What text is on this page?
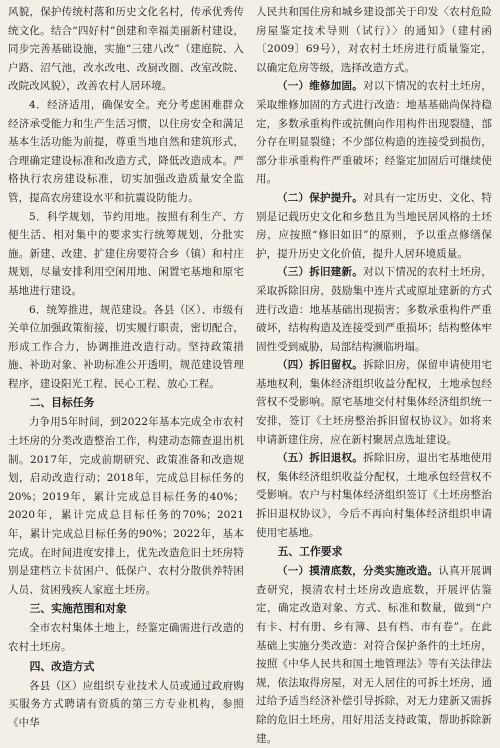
风貌，保护传统村落和历史文化名村，传承优秀传统文化。结合“四好村”创建和幸福美丽新村建设，同步完善基础设施，实施“三建八改”（建庭院、入户路、沼气池，改水改电、改厨改圈、改室改院、改院改风貌），改善农村人居环境。

4．经济适用，确保安全。充分考虑困难群众经济承受能力和生产生活习惯，以住房安全和满足基本生活功能为前提，尊重当地自然和建筑形式，合理确定建设标准和改造方式，降低改造成本。严格执行农房建设标准，切实加强改造质量安全监管，提高农房建设水平和抗震设防能力。

5．科学规划，节约用地。按照有利生产、方便生活、相对集中的要求实行统筹规划，分批实施。新建、改建、扩建住房要符合乡（镇）和村庄规划，尽量安排利用空闲用地、闲置宅基地和原宅基地进行建设。

6．统筹推进，规范建设。各县（区）、市级有关单位加强政策衔接，切实履行职责，密切配合，形成工作合力，协调推进改造行动。坚持政策措施、补助对象、补助标准公开透明，规范建设管理程序，建设阳光工程、民心工程、放心工程。

二、目标任务

力争用5年时间，到2022年基本完成全市农村土坯房的分类改造整治工作，构建动态筛查退出机制。2017年，完成前期研究、政策准备和改造规划，启动改造行动；2018年，完成总目标任务的20%；2019年，累计完成总目标任务的40%；2020年，累计完成总目标任务的70%；2021年，累计完成总目标任务的90%；2022年，基本完成。在时间进度安排上，优先改造危旧土坯房特别是建档立卡贫困户、低保户、农村分散供养特困人员、贫困残疾人家庭土坯房。

三、实施范围和对象

全市农村集体土地上，经鉴定确需进行改造的农村土坯房。

四、改造方式

各县（区）应组织专业技术人员或通过政府购买服务方式聘请有资质的第三方专业机构，参照《中华

人民共和国住房和城乡建设部关于印发〈农村危险房屋鉴定技术导则（试行）〉的通知》（建村函〔2009〕69号），对农村土坯房进行质量鉴定，以确定危房等级，选择改造方式。

（一）维修加固。对以下情况的农村土坯房，采取维修加固的方式进行改造：地基基础尚保持稳定，多数承重构件或抗侧向作用构件出现裂缝，部分存在明显裂缝；不少部位构造的连接受到损伤，部分非承重构件严重破坏；经鉴定加固后可继续使用。

（二）保护提升。对具有一定历史、文化、特别是记载历史文化和乡愁且为当地民居风格的土坯房，应按照“修旧如旧”的原则，予以重点修缮保护，提升历史文化价值，提升人居环境质量。

（三）拆旧建新。对以下情况的农村土坯房，采取拆除旧房，鼓励集中连片式或原址建新的方式进行改造：地基基础出现损害；多数承重构件严重破坏，结构构造及连接受到严重损坏；结构整体牢固性受到威胁，局部结构濒临坍塌。

（四）拆旧留权。拆除旧房，保留申请使用宅基地权利，集体经济组织收益分配权，土地承包经营权不受影响。原宅基地交付村集体经济组织统一安排，签订《土坯房整治拆旧留权协议》。如将来申请新建住房，应在新村聚居点选址建设。

（五）拆旧退权。拆除旧房，退出宅基地使用权，集体经济组织收益分配权，土地承包经营权不受影响。农户与村集体经济组织签订《土坯房整治拆旧退权协议》，今后不再向村集体经济组织申请使用宅基地。

五、工作要求

（一）摸清底数，分类实施改造。认真开展调查研究，摸清农村土坯房改造底数，开展评估鉴定，确定改造对象、方式、标准和数量，做到“户有卡、村有册、乡有簿、县有档、市有卷”。在此基础上实施分类改造：对符合保护条件的土坯房，按照《中华人民共和国土地管理法》等有关法律法规，依法取得房屋，对无人居住的可拆土坯房，通过给予适当经济补偿引导拆除，对无力建新又需拆除的危旧土坯房，用好用活支持政策，帮助拆除新建。
